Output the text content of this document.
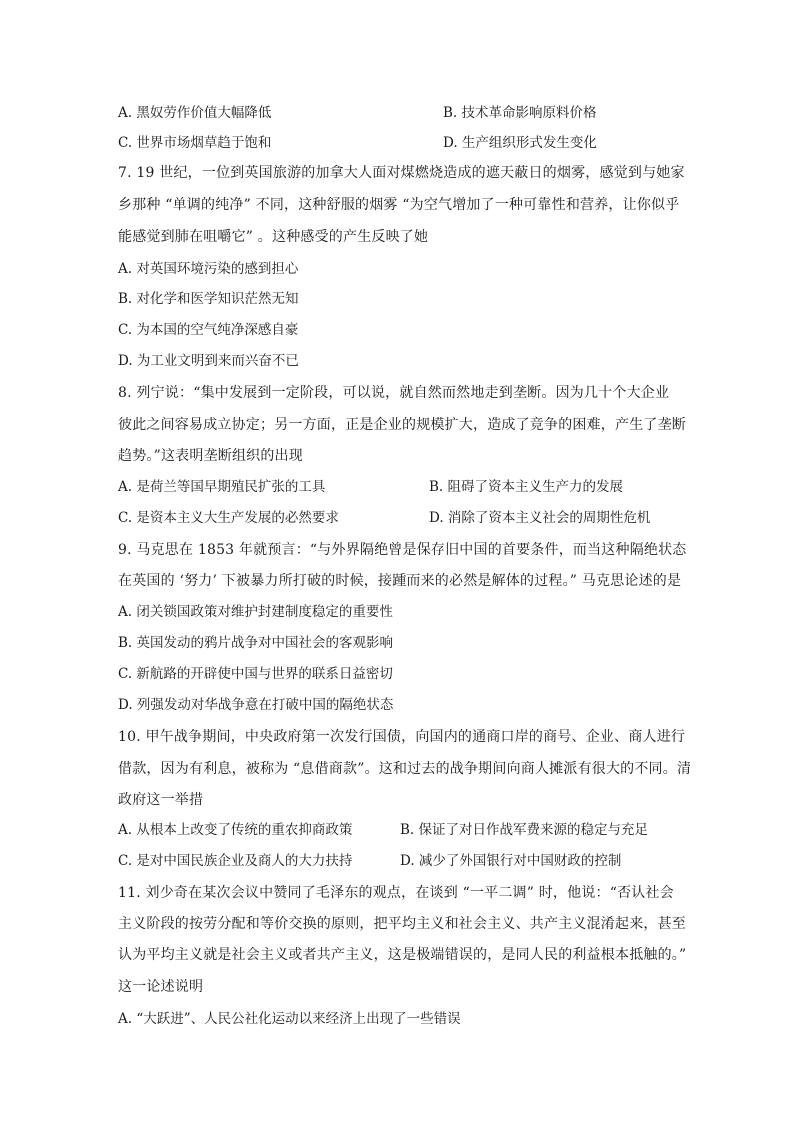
A. 黑奴劳作价值大幅降低	B. 技术革命影响原料价格
C. 世界市场烟草趋于饱和	D. 生产组织形式发生变化
7. 19 世纪，一位到英国旅游的加拿大人面对煤燃烧造成的遮天蔽日的烟雾，感觉到与她家
乡那种 “单调的纯净” 不同，这种舒服的烟雾 “为空气增加了一种可靠性和营养，让你似乎
能感觉到肺在咀嚼它” 。这种感受的产生反映了她
A. 对英国环境污染的感到担心
B. 对化学和医学知识茫然无知
C. 为本国的空气纯净深感自豪
D. 为工业文明到来而兴奋不已
8. 列宁说：“集中发展到一定阶段，可以说，就自然而然地走到垄断。因为几十个大企业
彼此之间容易成立协定；另一方面，正是企业的规模扩大，造成了竞争的困难，产生了垄断
趋势。”这表明垄断组织的出现
A. 是荷兰等国早期殖民扩张的工具	B. 阻碍了资本主义生产力的发展
C. 是资本主义大生产发展的必然要求	D. 消除了资本主义社会的周期性危机
9. 马克思在 1853 年就预言：“与外界隔绝曾是保存旧中国的首要条件，而当这种隔绝状态
在英国的 ‘努力’ 下被暴力所打破的时候，接踵而来的必然是解体的过程。” 马克思论述的是
A. 闭关锁国政策对维护封建制度稳定的重要性
B. 英国发动的鸦片战争对中国社会的客观影响
C. 新航路的开辟使中国与世界的联系日益密切
D. 列强发动对华战争意在打破中国的隔绝状态
10. 甲午战争期间，中央政府第一次发行国债，向国内的通商口岸的商号、企业、商人进行
借款，因为有利息，被称为 “息借商款”。这和过去的战争期间向商人摊派有很大的不同。清
政府这一举措
A. 从根本上改变了传统的重农抑商政策	B. 保证了对日作战军费来源的稳定与充足
C. 是对中国民族企业及商人的大力扶持	D. 减少了外国银行对中国财政的控制
11. 刘少奇在某次会议中赞同了毛泽东的观点，在谈到 “一平二调” 时，他说：“否认社会
主义阶段的按劳分配和等价交换的原则，把平均主义和社会主义、共产主义混淆起来，甚至
认为平均主义就是社会主义或者共产主义，这是极端错误的，是同人民的利益根本抵触的。”
这一论述说明
A. “大跃进”、人民公社化运动以来经济上出现了一些错误
